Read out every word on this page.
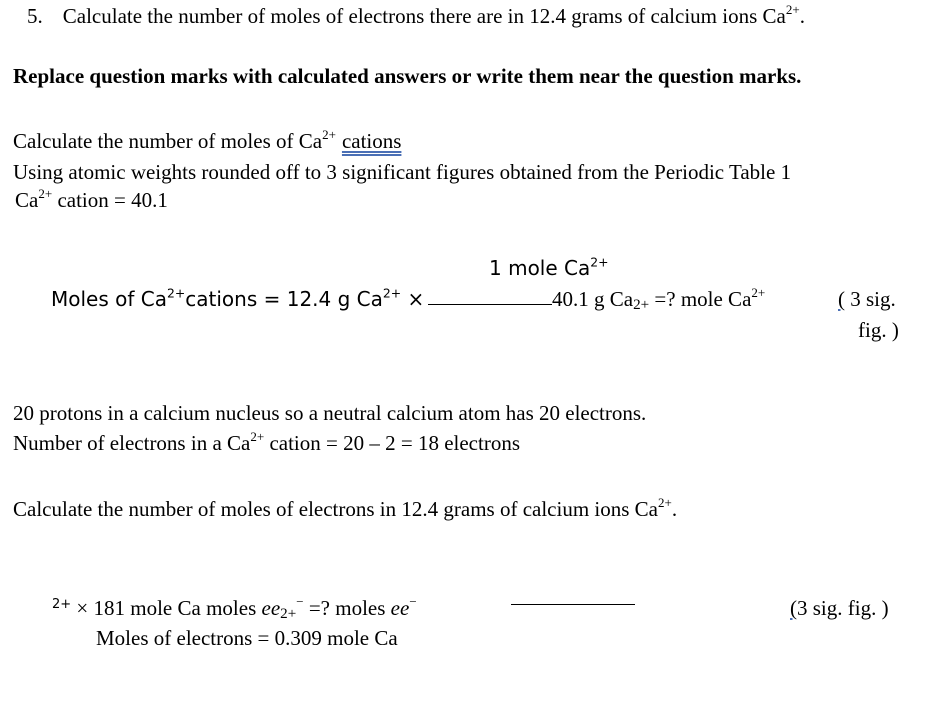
5. Calculate the number of moles of electrons there are in 12.4 grams of calcium ions $Ca^{2+}$.
Replace question marks with calculated answers or write them near the question marks.
Calculate the number of moles of $Ca^{2+}$ cations
Using atomic weights rounded off to 3 significant figures obtained from the Periodic Table 1
$Ca^{2+}$ cation = 40.1
1 mole $Ca^{2+}$
Moles of $Ca^{2+}cations = 12.4$ g $Ca^{2+}$ ×	40.1 g Ca2+ =? mole $Ca^{2+}$	( 3 sig.
fig. )
20 protons in a calcium nucleus so a neutral calcium atom has 20 electrons.
Number of electrons in a $Ca^{2+}$ cation = 20 – 2 = 18 electrons
Calculate the number of moles of electrons in 12.4 grams of calcium ions $Ca^{2+}$.
$^{2+}$ × 181 mole Ca moles ee2+− =? moles ee−	(3 sig. fig. )
Moles of electrons = 0.309 mole Ca
